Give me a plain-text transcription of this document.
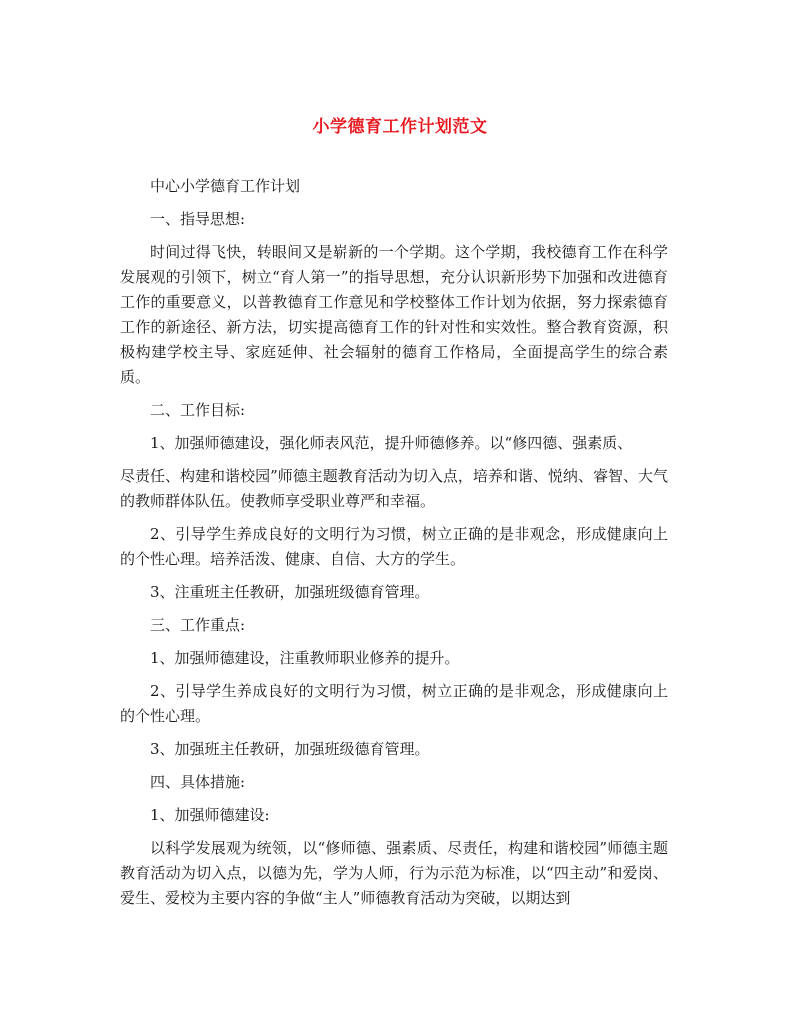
小学德育工作计划范文

中心小学德育工作计划

一、指导思想:

时间过得飞快，转眼间又是崭新的一个学期。这个学期，我校德育工作在科学发展观的引领下，树立“育人第一”的指导思想，充分认识新形势下加强和改进德育工作的重要意义，以普教德育工作意见和学校整体工作计划为依据，努力探索德育工作的新途径、新方法，切实提高德育工作的针对性和实效性。整合教育资源，积极构建学校主导、家庭延伸、社会辐射的德育工作格局，全面提高学生的综合素质。

二、工作目标:

1、加强师德建设，强化师表风范，提升师德修养。以“修四德、强素质、

尽责任、构建和谐校园”师德主题教育活动为切入点，培养和谐、悦纳、睿智、大气的教师群体队伍。使教师享受职业尊严和幸福。

2、引导学生养成良好的文明行为习惯，树立正确的是非观念，形成健康向上的个性心理。培养活泼、健康、自信、大方的学生。

3、注重班主任教研，加强班级德育管理。

三、工作重点:

1、加强师德建设，注重教师职业修养的提升。

2、引导学生养成良好的文明行为习惯，树立正确的是非观念，形成健康向上的个性心理。

3、加强班主任教研，加强班级德育管理。

四、具体措施:

1、加强师德建设:

以科学发展观为统领，以“修师德、强素质、尽责任，构建和谐校园”师德主题教育活动为切入点，以德为先，学为人师，行为示范为标准，以“四主动”和爱岗、爱生、爱校为主要内容的争做“主人”师德教育活动为突破，以期达到
